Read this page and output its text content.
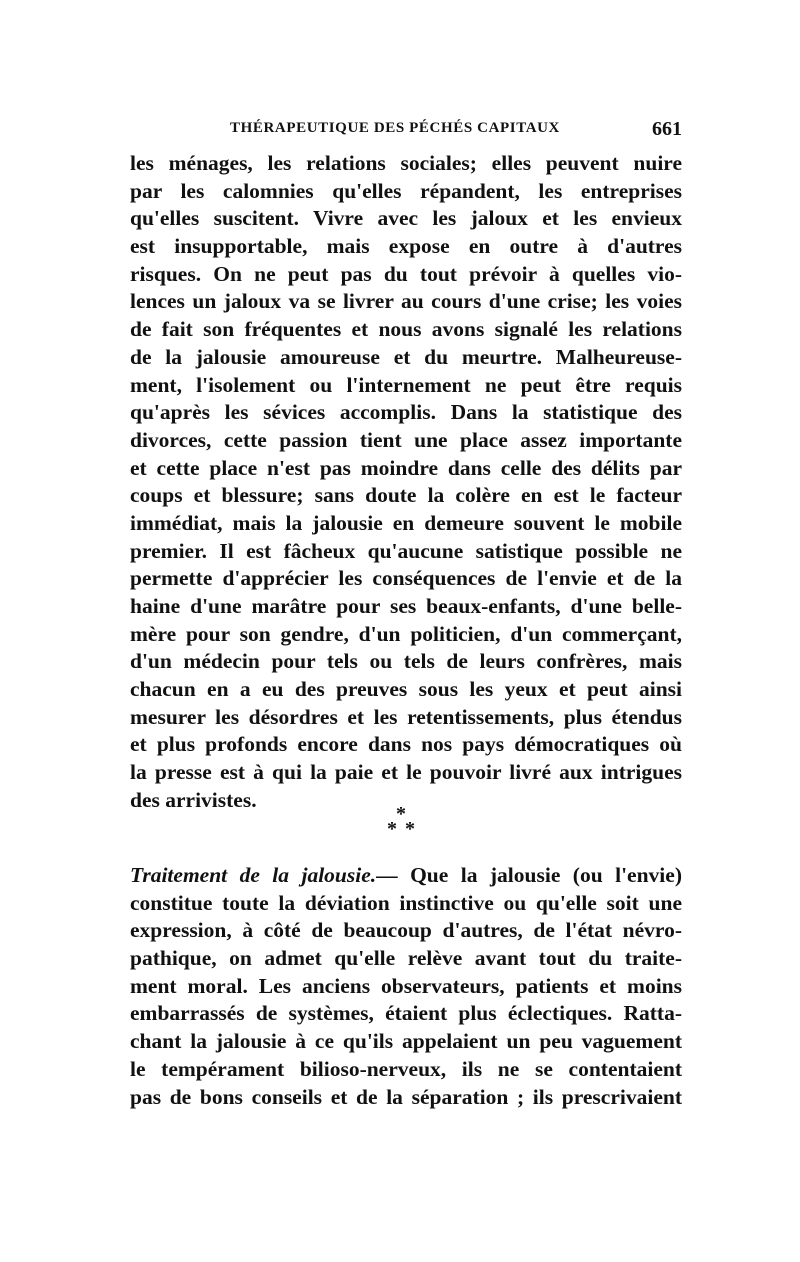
THÉRAPEUTIQUE DES PÉCHÉS CAPITAUX	661
les ménages, les relations sociales; elles peuvent nuire
par les calomnies qu'elles répandent, les entreprises
qu'elles suscitent. Vivre avec les jaloux et les envieux
est insupportable, mais expose en outre à d'autres
risques. On ne peut pas du tout prévoir à quelles vio-
lences un jaloux va se livrer au cours d'une crise; les voies
de fait son fréquentes et nous avons signalé les relations
de la jalousie amoureuse et du meurtre. Malheureuse-
ment, l'isolement ou l'internement ne peut être requis
qu'après les sévices accomplis. Dans la statistique des
divorces, cette passion tient une place assez importante
et cette place n'est pas moindre dans celle des délits par
coups et blessure; sans doute la colère en est le facteur
immédiat, mais la jalousie en demeure souvent le mobile
premier. Il est fâcheux qu'aucune satistique possible ne
permette d'apprécier les conséquences de l'envie et de la
haine d'une marâtre pour ses beaux-enfants, d'une belle-
mère pour son gendre, d'un politicien, d'un commerçant,
d'un médecin pour tels ou tels de leurs confrères, mais
chacun en a eu des preuves sous les yeux et peut ainsi
mesurer les désordres et les retentissements, plus étendus
et plus profonds encore dans nos pays démocratiques où
la presse est à qui la paie et le pouvoir livré aux intrigues
des arrivistes.
*
* *
Traitement de la jalousie.— Que la jalousie (ou l'envie)
constitue toute la déviation instinctive ou qu'elle soit une
expression, à côté de beaucoup d'autres, de l'état névro-
pathique, on admet qu'elle relève avant tout du traite-
ment moral. Les anciens observateurs, patients et moins
embarrassés de systèmes, étaient plus éclectiques. Ratta-
chant la jalousie à ce qu'ils appelaient un peu vaguement
le tempérament bilioso-nerveux, ils ne se contentaient
pas de bons conseils et de la séparation ; ils prescrivaient
